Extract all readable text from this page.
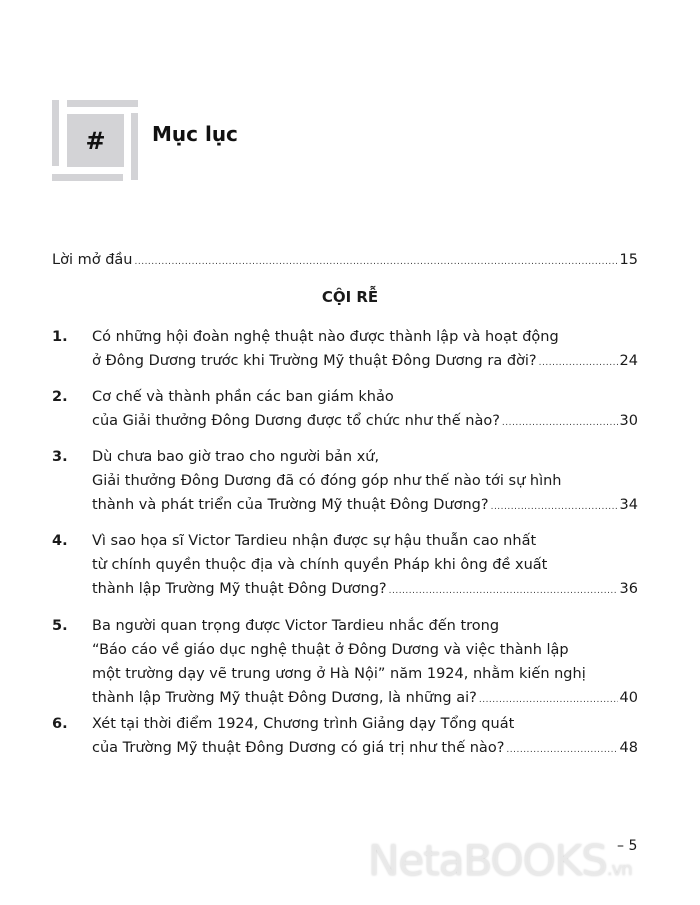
#	Mục lục
Lời mở đầu .....	15
CỘI RỄ
1. Có những hội đoàn nghệ thuật nào được thành lập và hoạt động
ở Đông Dương trước khi Trường Mỹ thuật Đông Dương ra đời? .....	24
2. Cơ chế và thành phần các ban giám khảo
của Giải thưởng Đông Dương được tổ chức như thế nào? .....	30
3. Dù chưa bao giờ trao cho người bản xứ,
Giải thưởng Đông Dương đã có đóng góp như thế nào tới sự hình
thành và phát triển của Trường Mỹ thuật Đông Dương? .....	34
4. Vì sao họa sĩ Victor Tardieu nhận được sự hậu thuẫn cao nhất
từ chính quyền thuộc địa và chính quyền Pháp khi ông đề xuất
thành lập Trường Mỹ thuật Đông Dương? .....	36
5. Ba người quan trọng được Victor Tardieu nhắc đến trong
“Báo cáo về giáo dục nghệ thuật ở Đông Dương và việc thành lập
một trường dạy vẽ trung ương ở Hà Nội” năm 1924, nhằm kiến nghị
thành lập Trường Mỹ thuật Đông Dương, là những ai? .....	40
6. Xét tại thời điểm 1924, Chương trình Giảng dạy Tổng quát
của Trường Mỹ thuật Đông Dương có giá trị như thế nào? .....	48
NetaBOOKS.vn
– 5
